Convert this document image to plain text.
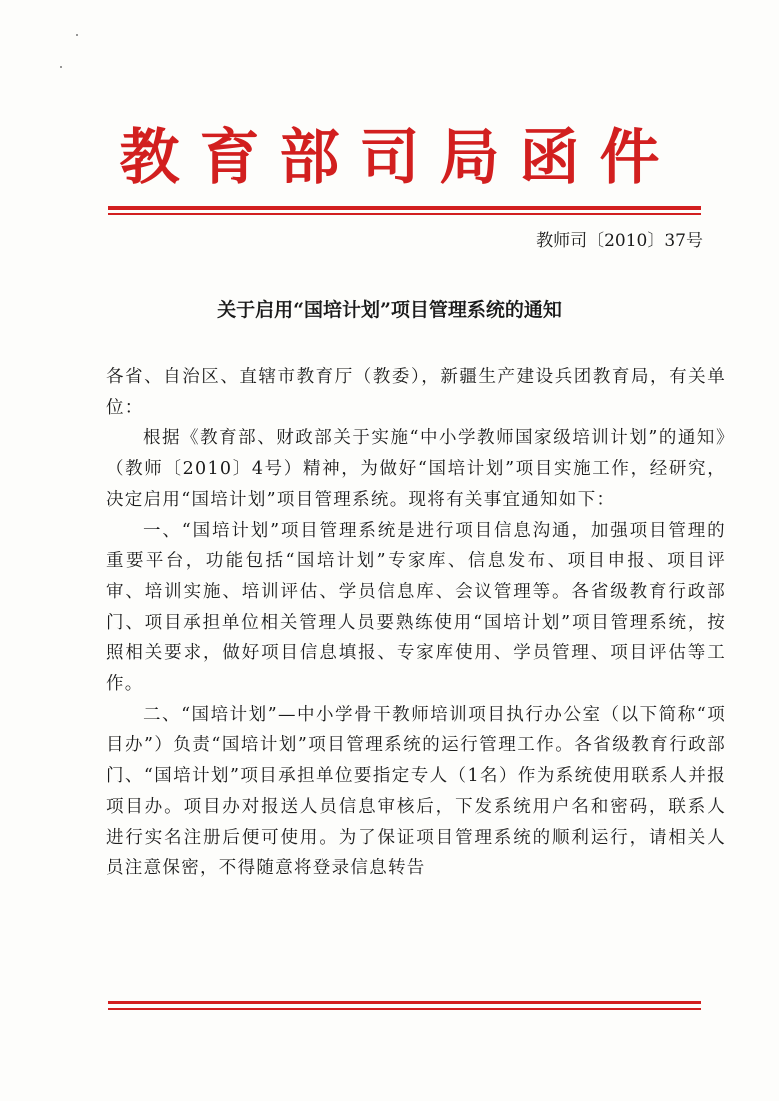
教育部司局函件
教师司〔2010〕37号
关于启用“国培计划”项目管理系统的通知

各省、自治区、直辖市教育厅（教委），新疆生产建设兵团教育局，有关单位：

根据《教育部、财政部关于实施“中小学教师国家级培训计划”的通知》（教师〔2010〕4号）精神，为做好“国培计划”项目实施工作，经研究，决定启用“国培计划”项目管理系统。现将有关事宜通知如下：

一、“国培计划”项目管理系统是进行项目信息沟通，加强项目管理的重要平台，功能包括“国培计划”专家库、信息发布、项目申报、项目评审、培训实施、培训评估、学员信息库、会议管理等。各省级教育行政部门、项目承担单位相关管理人员要熟练使用“国培计划”项目管理系统，按照相关要求，做好项目信息填报、专家库使用、学员管理、项目评估等工作。

二、“国培计划”—中小学骨干教师培训项目执行办公室（以下简称“项目办”）负责“国培计划”项目管理系统的运行管理工作。各省级教育行政部门、“国培计划”项目承担单位要指定专人（1名）作为系统使用联系人并报项目办。项目办对报送人员信息审核后，下发系统用户名和密码，联系人进行实名注册后便可使用。为了保证项目管理系统的顺利运行，请相关人员注意保密，不得随意将登录信息转告
